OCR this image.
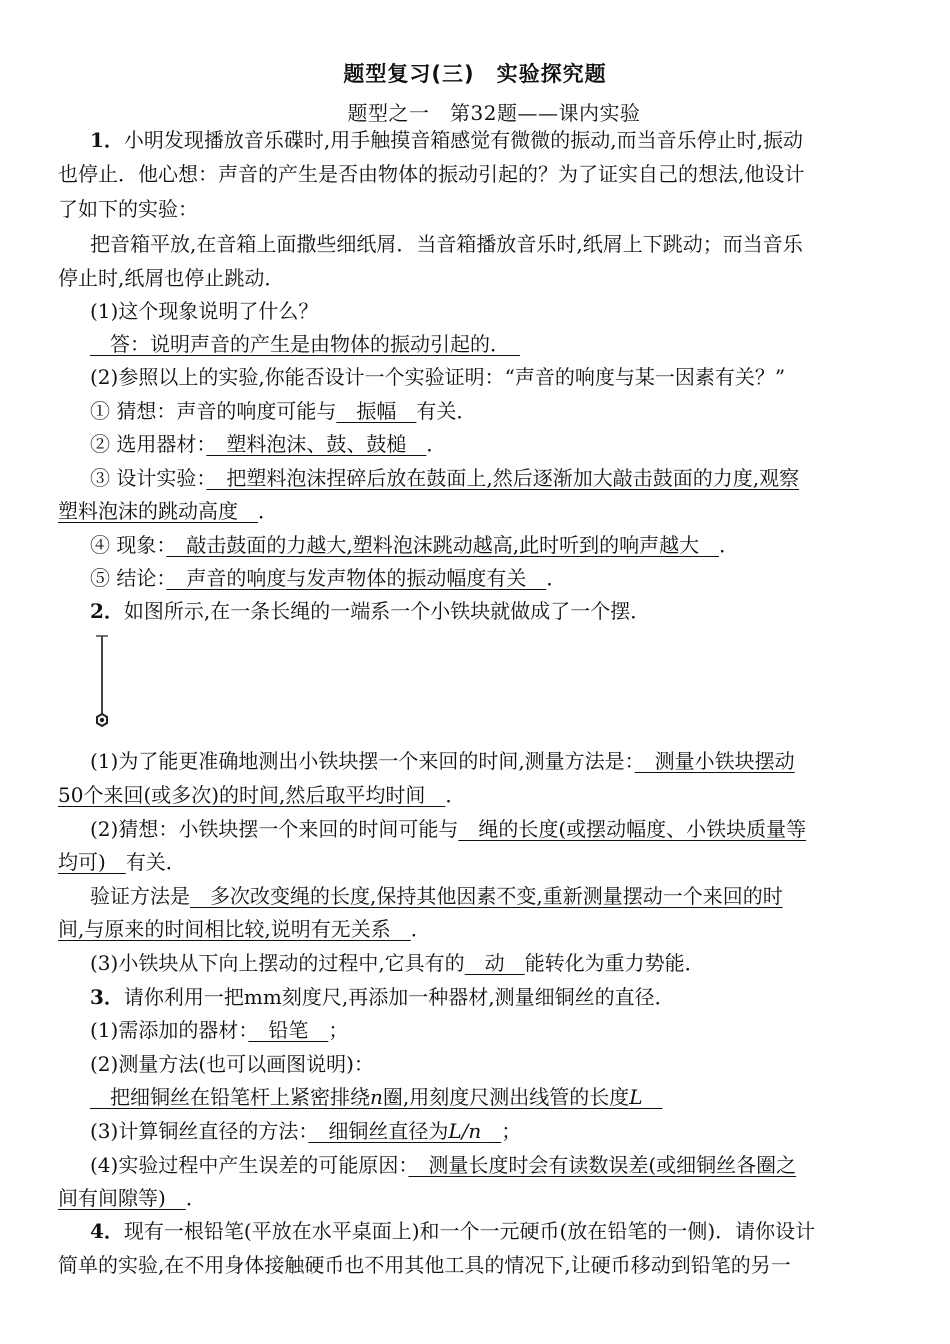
题型复习(三)　实验探究题
题型之一　第32题——课内实验
1．小明发现播放音乐碟时,用手触摸音箱感觉有微微的振动,而当音乐停止时,振动
也停止．他心想：声音的产生是否由物体的振动引起的？为了证实自己的想法,他设计
了如下的实验：
把音箱平放,在音箱上面撒些细纸屑．当音箱播放音乐时,纸屑上下跳动；而当音乐
停止时,纸屑也停止跳动．
(1)这个现象说明了什么？
　答：说明声音的产生是由物体的振动引起的．　
(2)参照以上的实验,你能否设计一个实验证明：“声音的响度与某一因素有关？”
① 猜想：声音的响度可能与　振幅　有关．
② 选用器材：　塑料泡沫、鼓、鼓槌　．
③ 设计实验：　把塑料泡沫捏碎后放在鼓面上,然后逐渐加大敲击鼓面的力度,观察
塑料泡沫的跳动高度　．
④ 现象：　敲击鼓面的力越大,塑料泡沫跳动越高,此时听到的响声越大　．
⑤ 结论：　声音的响度与发声物体的振动幅度有关　．
2．如图所示,在一条长绳的一端系一个小铁块就做成了一个摆．
(1)为了能更准确地测出小铁块摆一个来回的时间,测量方法是：　测量小铁块摆动
50个来回(或多次)的时间,然后取平均时间　．
(2)猜想：小铁块摆一个来回的时间可能与　绳的长度(或摆动幅度、小铁块质量等
均可)　有关．
验证方法是　多次改变绳的长度,保持其他因素不变,重新测量摆动一个来回的时
间,与原来的时间相比较,说明有无关系　．
(3)小铁块从下向上摆动的过程中,它具有的　动　能转化为重力势能．
3．请你利用一把mm刻度尺,再添加一种器材,测量细铜丝的直径．
(1)需添加的器材：　铅笔　；
(2)测量方法(也可以画图说明)：
　把细铜丝在铅笔杆上紧密排绕n圈,用刻度尺测出线管的长度L　
(3)计算铜丝直径的方法：　细铜丝直径为L/n　 ；
(4)实验过程中产生误差的可能原因：　测量长度时会有读数误差(或细铜丝各圈之
间有间隙等)　．
4．现有一根铅笔(平放在水平桌面上)和一个一元硬币(放在铅笔的一侧)．请你设计
简单的实验,在不用身体接触硬币也不用其他工具的情况下,让硬币移动到铅笔的另一
